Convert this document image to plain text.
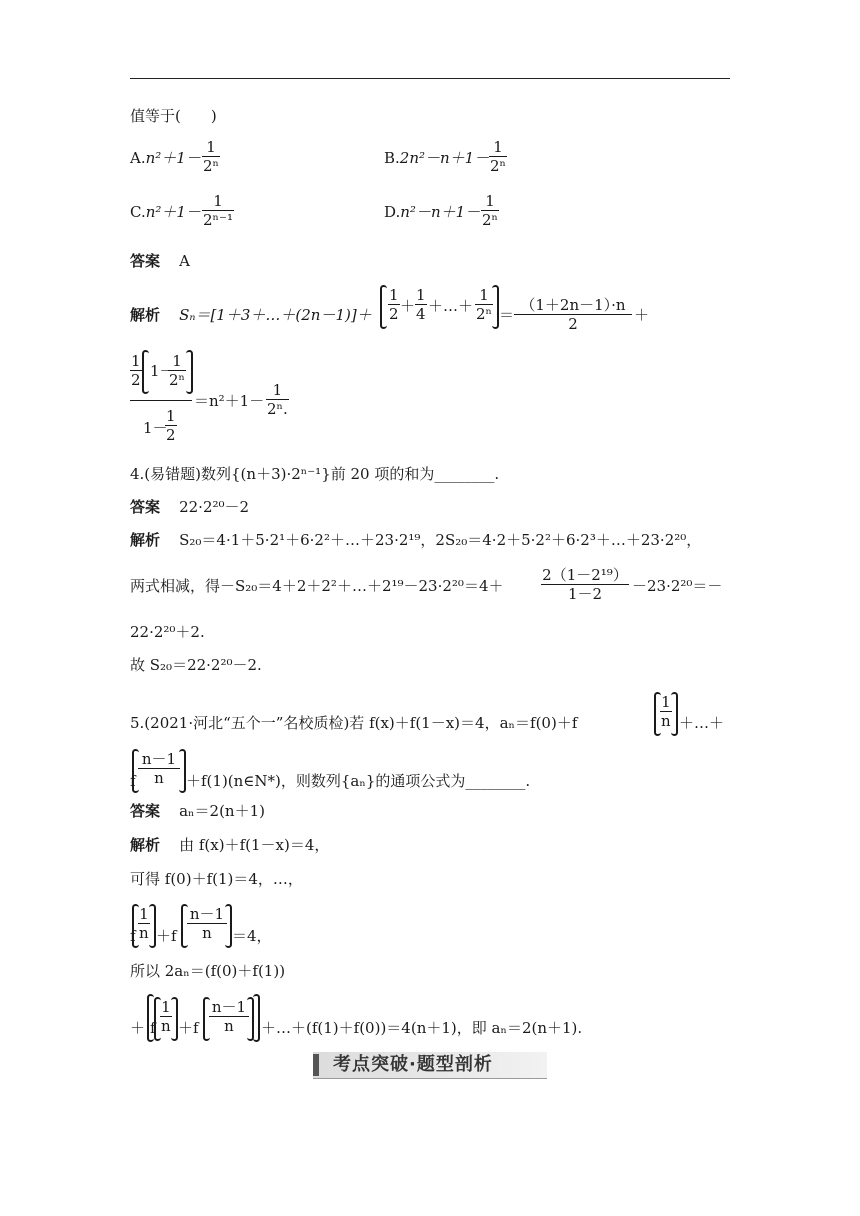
值等于(　　)
$A.n^2+1- \frac{1}{\text{2ⁿ}}$	$B.2n^2-n+1- \frac{1}{\text{2ⁿ}}$
$C.n^2+1- \frac{1}{\text{2ⁿ⁻¹}}$	$D.n^2-n+1- \frac{1}{\text{2ⁿ}}$
答案 A
解析 Sₙ＝[1＋3＋…＋(2n－1)]＋ $\frac{1}{2} + \frac{1}{4}$ ＋…＋ $\frac{1}{\text{2ⁿ}} = \frac{(1+2n-1)\cdot n}{2}$ ＋

$\frac{1}{2} 1-$
$\frac{1}{\text{2ⁿ}}$
1－
$\frac{1}{2}$
$=n^2+1- \frac{1}{\text{2ⁿ.}}$
4.(易错题)数列{(n＋3)·2ⁿ⁻¹}前 20 项的和为________.
答案 22·2²⁰－2
解析 S₂₀＝4·1＋5·2¹＋6·2²＋…＋23·2¹⁹，2S₂₀＝4·2＋5·2²＋6·2³＋…＋23·2²⁰，
两式相减，得－S₂₀＝4＋2＋2²＋…＋2¹⁹－23·2²⁰＝4＋	$\frac{\text{2（1－2¹⁹）}}{1-2} -23\cdot 2^{20}=-$
22·2²⁰＋2.
故 S₂₀＝22·2²⁰－2.
5.(2021·河北“五个一”名校质检)若 f(x)＋f(1－x)＝4，aₙ＝f(0)＋f	$\frac{1}{n}$ ＋…＋
f $\frac{n-1}{n}$ ＋f(1)(n∈N*)，则数列{aₙ}的通项公式为________.
答案 aₙ＝2(n＋1)
解析 由 f(x)＋f(1－x)＝4，
可得 f(0)＋f(1)＝4，…，
f $\frac{1}{n} +f \frac{n-1}{n} =4$，
所以 2aₙ＝(f(0)＋f(1))
＋ f $\frac{1}{n} +f \frac{n-1}{n}$ ＋…＋(f(1)＋f(0))＝4(n＋1)，即 aₙ＝2(n＋1).
考点突破·题型剖析
